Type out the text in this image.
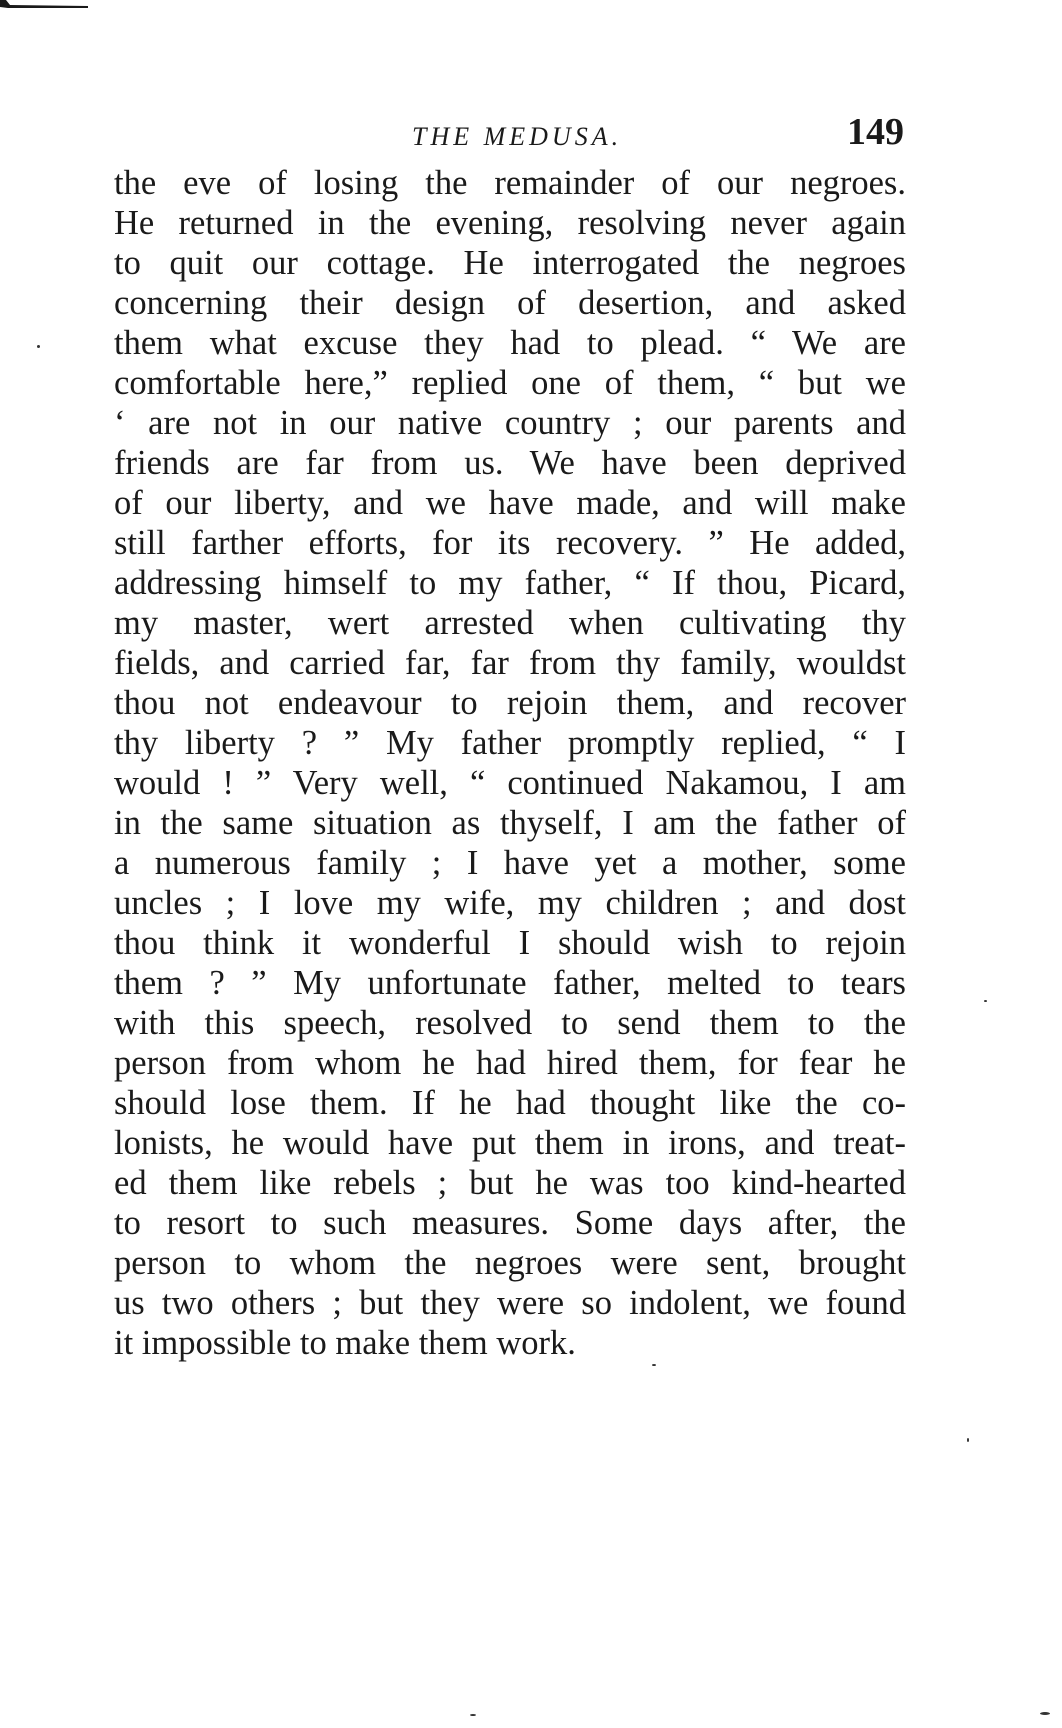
THE MEDUSA.	149
the eve of losing the remainder of our negroes.
He returned in the evening, resolving never again
to quit our cottage. He interrogated the negroes
concerning their design of desertion, and asked
them what excuse they had to plead. “ We are
comfortable here,” replied one of them, “ but we
‘ are not in our native country ; our parents and
friends are far from us. We have been deprived
of our liberty, and we have made, and will make
still farther efforts, for its recovery. ” He added,
addressing himself to my father, “ If thou, Picard,
my master, wert arrested when cultivating thy
fields, and carried far, far from thy family, wouldst
thou not endeavour to rejoin them, and recover
thy liberty ? ” My father promptly replied, “ I
would ! ” Very well, “ continued Nakamou, I am
in the same situation as thyself, I am the father of
a numerous family ; I have yet a mother, some
uncles ; I love my wife, my children ; and dost
thou think it wonderful I should wish to rejoin
them ? ” My unfortunate father, melted to tears
with this speech, resolved to send them to the
person from whom he had hired them, for fear he
should lose them. If he had thought like the co-
lonists, he would have put them in irons, and treat-
ed them like rebels ; but he was too kind-hearted
to resort to such measures. Some days after, the
person to whom the negroes were sent, brought
us two others ; but they were so indolent, we found
it impossible to make them work.
